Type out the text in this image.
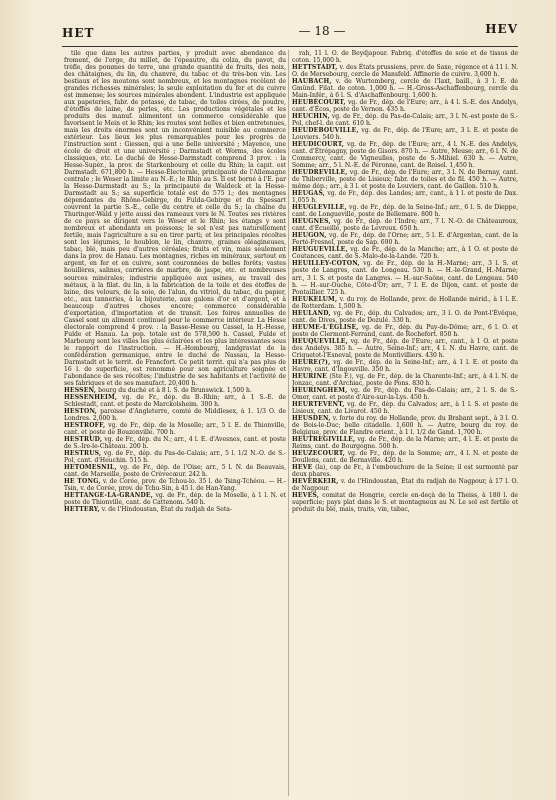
HET	— 18 —	HEV

tile que dans les autres parties, y produit avec abondance du froment, de l'orge, du millet, de l'épeautre, du colza, du pavot, du trèfle, des pommes de terre, une grande quantité de fruits, des noix, des châtaignes, du lin, du chanvre, du tabac et du très-bon vin. Les bestiaux et les moutons sont nombreux, et les montagnes recèlent de grandes richesses minérales; la seule exploitation du fer et du cuivre est immense; les sources minérales abondent. L'industrie est appliquée aux papeteries, fabr. de potasse, de tabac, de toiles cirées, de poudre, d'étoffes de laine, de perles, etc. Les productions végétales et les produits des manuf. alimentent un commerce considérable que favorisent le Mein et le Rhin; les routes sont belles et bien entretenues, mais les droits énormes sont un inconvénient nuisible au commerce extérieur. Les lieux les plus remarquables pour les progrès de l'instruction sont : Giessen, qui a une belle université ; Mayence, une école de droit et une université ; Darmstadt et Worms, des écoles classiques, etc. Le duché de Hesse-Darmstadt comprend 3 prov. : la Hesse-Supér., la prov. de Starkenbourg et celle du Rhin; la capit. est Darmstadt. 671,800 h. — Hesse-Électorale, principauté de l'Allemagne centrale ; le Weser la limite au N.-E.; le Rhin au S. Il est borné à l'E. par la Hesse-Darmstadt au S.; la principauté de Waldeck et la Hesse-Darmstadt au S.; sa superficie totale est de 575 l.; des montagnes dépendantes du Rhône-Gebirge, du Fulda-Gebirge et du Spessart couvrent la partie S.-E., celle du centre et celle du S.; la chaîne du Thuringer-Wald y jette aussi des rameaux vers le N. Toutes ses rivières de ce pays se dirigent vers le Weser et le Rhin; les étangs y sont nombreux et abondants en poissons; le sol n'est pas naturellement fertile, mais l'agriculture a su en tirer parti; et les principales récoltes sont les légumes, le houblon, le lin, chanvre, graines oléagineuses, tabac, blé, mais peu d'autres céréales; fruits et vin, mais seulement dans la prov. de Hanau. Les montagnes, riches en minéraux, surtout en argent, en fer et en cuivre, sont couronnées de belles forêts; vastes houillères, salines, carrières de marbre, de jaspe, etc. et nombreuses sources minérales; industrie appliquée aux usines, au travail des métaux, à la filat. du lin, à la fabrication de la toile et des étoffes de laine, des velours, de la soie, de l'alun, du vitriol, du tabac, du papier, etc., aux tanneries, à la bijouterie, aux galons d'or et d'argent, et à beaucoup d'autres choses encore; commerce considérable d'exportation, d'importation et de transit. Les foires annuelles de Cassel sont un aliment continuel pour le commerce intérieur. La Hesse électorale comprend 4 prov. : la Basse-Hesse ou Cassel, la H.-Hesse, Fulde et Hanau. La pop. totale est de 578,500 h. Cassel, Fulde et Marbourg sont les villes les plus éclairées et les plus intéressantes sous le rapport de l'instruction. — H.-Hombourg, landgraviat de la confédération germanique, entre le duché de Nassau, la Hesse-Darmstadt et le territ. de Francfort. Ce petit territ. qui n'a pas plus de 16 l. de superficie, est renommé pour son agriculture soignée et l'abondance de ses récoltes; l'industrie de ses habitants et l'activité de ses fabriques et de ses manufact. 20,400 h.

HESSEN, bourg du duché et à 8 l. S. de Brunswick. 1,500 h.

HESSENHEIM, vg. de Fr., dép. du B.-Rhin; arr., à 1 S.-E. de Schlestadt, cant. et poste de Marckolsheim. 300 h.

HESTON, paroisse d'Angleterre, comté de Middlesex, à 1. 1/3 O. de Londres. 2,000 h.

HESTROFF, vg. de Fr., dép. de la Moselle; arr., 5 l. E. de Thionville, cant. et poste de Bouzonville. 700 h.

HESTRUD, vg. de Fr., dép. du N.; arr., 4 l. E. d'Avesnes, cant. et poste de S.-Ire-le-Château. 200 h.

HESTRUS, vg. de Fr., dép. du Pas-de-Calais; arr., 5 l. 1/2 N.-O. de S.-Pol, cant. d'Heuchin. 515 h.

HETOMESNIL, vg. de Fr., dép. de l'Oise; arr., 5 l. N. de Beauvais, cant. de Marseille, poste de Crèvecœur. 242 h.

HE TONG, v. de Corée, prov. de Tchou-lo. 35 l. de Tsing-Tchéou. — H.-Tsin, v. de Corée, prov. de Tchu-Sin, à 45 l. de Han-Yang.

HETTANGE-LA-GRANDE, vg. de Fr., dép. de la Moselle, à 1 l. N. et poste de Thionville, cant. de Cattenom. 540 h.

HETTERY, v. de l'Hindoustan, État du radjah de Seta-

rah, 11 l. O. de Beydjapour. Fabriq. d'étoffes de soie et de tissus de coton. 15,000 h.

HETTSTADT, v. des États prussiens, prov. de Saxe, régence et à 11 l. N. O. de Mersebourg, cercle de Mansfeld. Affinerie de cuivre. 3,600 h.

HAUBACH, v. de Wurtemberg, cercle de l'Iaxt, baill., à 3 l. E. de Gmünd. Filat. de coton. 1,000 h. — H.-Gross-Aschaffenbourg, cercle du Main-Infér., à 6 l. S. d'Aschaffenbourg. 1,600 h.

HEUBÉCOURT, vg. de Fr., dép. de l'Eure; arr., à 4 l. S.-E. des Andelys, cant. d'Écos, poste de Vernon. 435 h.

HEUCHIN, vg. de Fr., dép. du Pas-de-Calais; arr., 3 l. N.-est poste de S.-Pol, chef-l. de cant. 610 h.

HEUDEBOUVILLE, vg. de Fr., dép. de l'Eure; arr., 3 l. E. et poste de Louviers. 540 h.

HEUDICOURT, vg. de Fr., dép. de l'Eure; arr., 4 l. N.-E. des Andelys, cant. d'Étrépagny, poste de Gisors. 870 h. — Autre, Meuse; arr., 6 l. N. de Commercy, cant. de Vigneulles, poste de S.-Mihiel. 630 h. — Autre, Somme; arr., 5 l. N.-E. de Péronne, cant. de Roisel. 1,450 h.

HEUDREVILLE, vg. de Fr., dép. de l'Eure; arr., 3 l. N. de Bernay, cant. de Thiberville, poste de Lisieux; fabr. de toiles et de fil. 450 h. — Autre, même dép.; arr., à 3 l. et poste de Louviers, cant. de Gaillon. 510 h.

HEUGAS, vg. de Fr., dép. des Landes; arr., cant., à 1 l. et poste de Dax. 1,055 h.

HEUGLEVILLE, vg. de Fr., dép. de la Seine-Inf.; arr., 6 l. S. de Dieppe, cant. de Longueville, poste de Bellemare. 800 h.

HEUGNES, vg. de Fr., dép. de l'Indre; arr., 7 l. N.-O. de Châteauroux, cant. d'Écueillé, poste de Levroux. 650 h.

HEUGON, vg. de Fr., dép. de l'Orne; arr., 5 l. E. d'Argentan, cant. de la Ferté-Fresnel, poste de Sap. 690 h.

HEUGUEVILLE, vg. de Fr., dép. de la Manche; arr., à 1 O. et poste de Coutances, cant. de S.-Malo-de-la-Lande. 720 h.

HEUILLEY-COTON, vg. de Fr., dép. de la H.-Marne; arr., 3 l. S. et poste de Langres, cant. de Longeau. 530 h. — H.-le-Grand, H.-Marne; arr., 3 l. S. et poste de Langres. — H.-sur-Saône, cant. de Longeau. 540 h. — H.-sur-Ouche, Côte-d'Or; arr., 7 l. E. de Dijon, cant. et poste de Pontaillier. 725 h.

HEUKELUM, v. du roy. de Hollande, prov. de Hollande mérid., à 1 l. E. de Rotterdam. 1,500 h.

HEULAND, vg. de Fr., dép. du Calvados; arr., 3 l. O. de Pont-l'Évêque, cant. de Dives, poste de Dozulé. 330 h.

HEUME-L'ÉGLISE, vg. de Fr., dép. du Puy-de-Dôme; arr., 6 l. O. et poste de Clermont-Ferrand, cant. de Rochefort. 850 h.

HEUQUEVILLE, vg. de Fr., dép. de l'Eure; arr., cant., à 1 O. et poste des Andelys. 385 h. — Autre, Seine-Inf.; arr., 4 l. N. du Havre, cant. de Criquetot-l'Esneval, poste de Montivilliers. 430 h.

HEURE(?), vg. de Fr., dép. de la Seine-Inf.; arr., à 1 l. E. et poste du Havre, cant. d'Ingouville. 350 h.

HEURINE (Ste F.), vg. de Fr., dép. de la Charente-Inf.; arr., à 4 l. N. de Jonzac, cant. d'Archiac, poste de Pons. 830 h.

HEURINGHEM, vg. de Fr., dép. du Pas-de-Calais; arr., 2 l. S. de S.-Omer, cant. et poste d'Aire-sur-la-Lys. 450 h.

HEURTEVENT, vg. de Fr., dép. du Calvados; arr., à 1 l. S. et poste de Lisieux, cant. de Livarot. 450 h.

HEUSDEN, v. forte du roy. de Hollande, prov. du Brabant sept., à 3 l. O. de Bois-le-Duc; belle citadelle. 1,600 h. — Autre, bourg du roy. de Belgique, prov. de Flandre orient., à 1 l. 1/2 de Gand. 1,700 h.

HEUTREGIVILLE, vg. de Fr., dép. de la Marne; arr., 4 l. E. et poste de Reims, cant. de Bourgogne. 500 h.

HEUZECOURT, vg. de Fr., dép. de la Somme; arr., 4 l. N. et poste de Doullens, cant. de Bernaville. 420 h.

HEVE (la), cap de Fr., à l'embouchure de la Seine; il est surmonté par deux phares.

HEVERKEIR, v. de l'Hindoustan, État du radjah de Nagpour, à 17 l. O. de Nagpour.

HEVES, comitat de Hongrie, cercle en-deçà de la Theiss, à 180 l. de superficie; pays plat dans le S. et montagneux au N. Le sol est fertile et produit du blé, mais, traits, vin, tabac,
